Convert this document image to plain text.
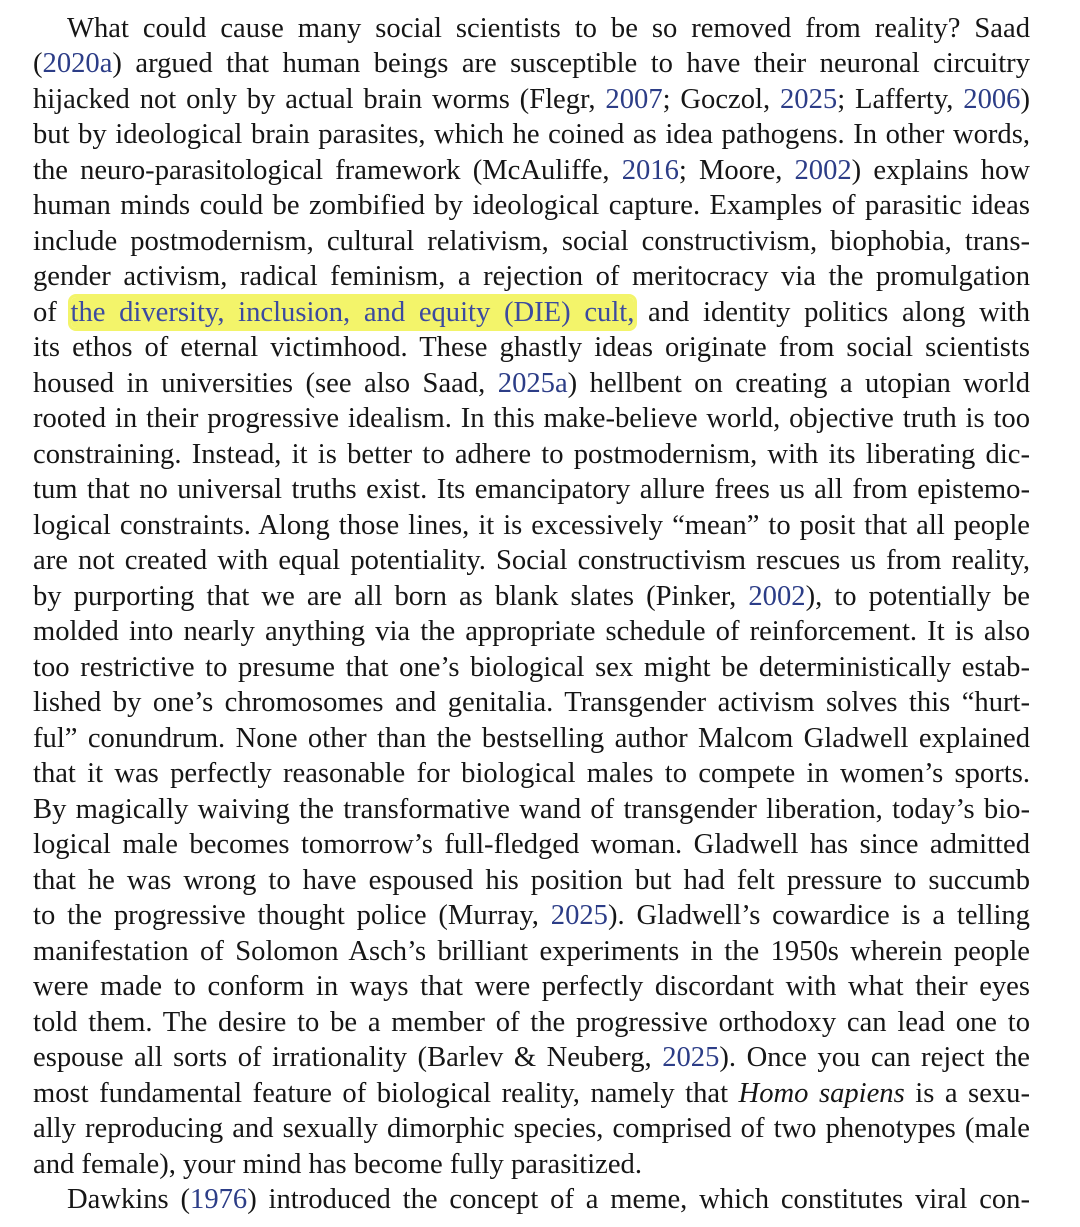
What could cause many social scientists to be so removed from reality? Saad
(2020a) argued that human beings are susceptible to have their neuronal circuitry
hijacked not only by actual brain worms (Flegr, 2007; Goczol, 2025; Lafferty, 2006)
but by ideological brain parasites, which he coined as idea pathogens. In other words,
the neuro-parasitological framework (McAuliffe, 2016; Moore, 2002) explains how
human minds could be zombified by ideological capture. Examples of parasitic ideas
include postmodernism, cultural relativism, social constructivism, biophobia, trans-
gender activism, radical feminism, a rejection of meritocracy via the promulgation
of the diversity, inclusion, and equity (DIE) cult, and identity politics along with
its ethos of eternal victimhood. These ghastly ideas originate from social scientists
housed in universities (see also Saad, 2025a) hellbent on creating a utopian world
rooted in their progressive idealism. In this make-believe world, objective truth is too
constraining. Instead, it is better to adhere to postmodernism, with its liberating dic-
tum that no universal truths exist. Its emancipatory allure frees us all from epistemo-
logical constraints. Along those lines, it is excessively “mean” to posit that all people
are not created with equal potentiality. Social constructivism rescues us from reality,
by purporting that we are all born as blank slates (Pinker, 2002), to potentially be
molded into nearly anything via the appropriate schedule of reinforcement. It is also
too restrictive to presume that one’s biological sex might be deterministically estab-
lished by one’s chromosomes and genitalia. Transgender activism solves this “hurt-
ful” conundrum. None other than the bestselling author Malcom Gladwell explained
that it was perfectly reasonable for biological males to compete in women’s sports.
By magically waiving the transformative wand of transgender liberation, today’s bio-
logical male becomes tomorrow’s full-fledged woman. Gladwell has since admitted
that he was wrong to have espoused his position but had felt pressure to succumb
to the progressive thought police (Murray, 2025). Gladwell’s cowardice is a telling
manifestation of Solomon Asch’s brilliant experiments in the 1950s wherein people
were made to conform in ways that were perfectly discordant with what their eyes
told them. The desire to be a member of the progressive orthodoxy can lead one to
espouse all sorts of irrationality (Barlev & Neuberg, 2025). Once you can reject the
most fundamental feature of biological reality, namely that Homo sapiens is a sexu-
ally reproducing and sexually dimorphic species, comprised of two phenotypes (male
and female), your mind has become fully parasitized.
Dawkins (1976) introduced the concept of a meme, which constitutes viral con-
